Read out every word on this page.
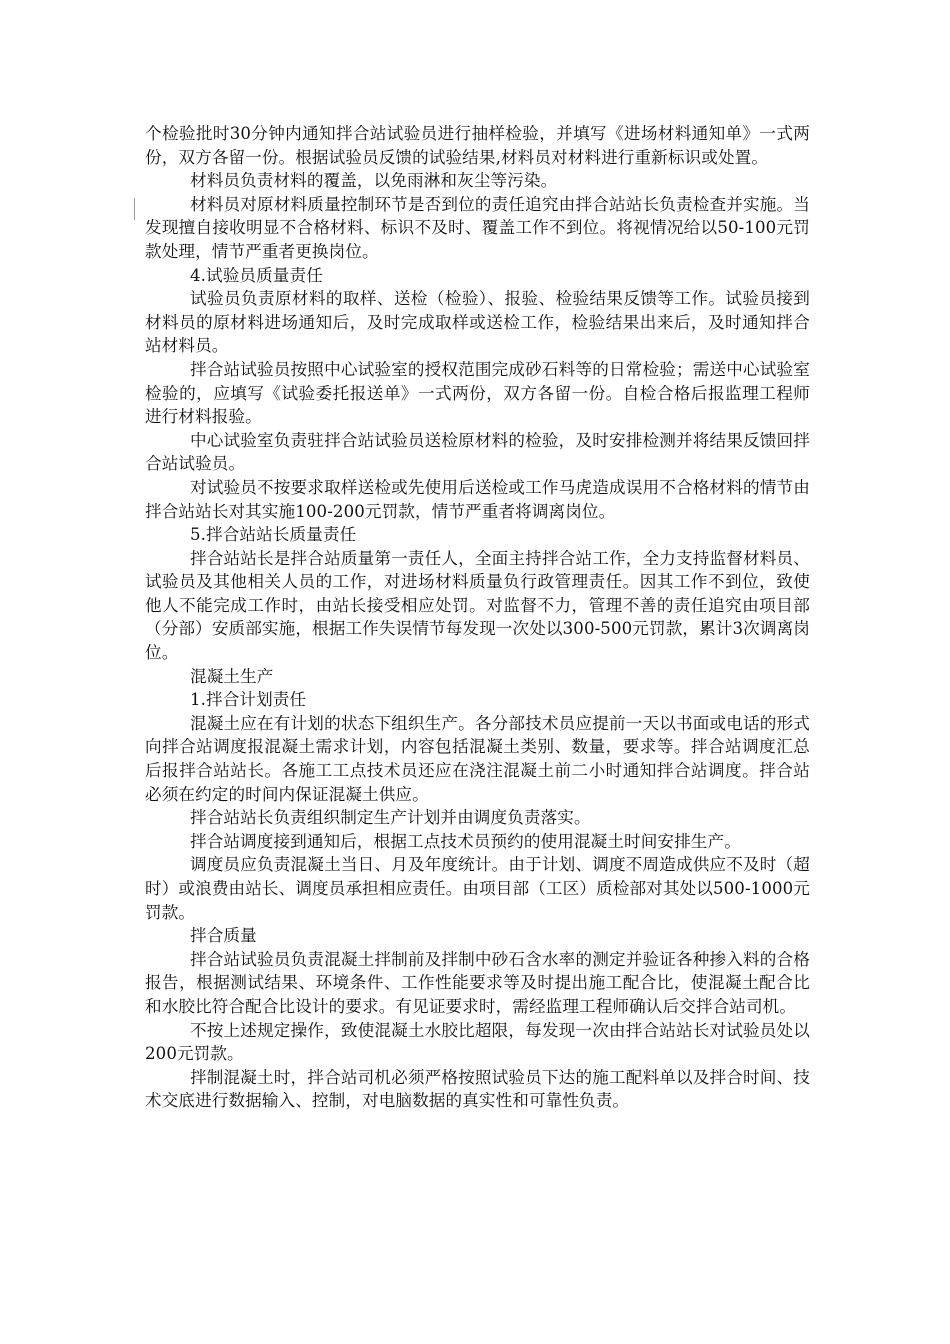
个检验批时30分钟内通知拌合站试验员进行抽样检验，并填写《进场材料通知单》一式两份，双方各留一份。根据试验员反馈的试验结果,材料员对材料进行重新标识或处置。

材料员负责材料的覆盖，以免雨淋和灰尘等污染。

材料员对原材料质量控制环节是否到位的责任追究由拌合站站长负责检查并实施。当发现擅自接收明显不合格材料、标识不及时、覆盖工作不到位。将视情况给以50-100元罚款处理，情节严重者更换岗位。

4.试验员质量责任

试验员负责原材料的取样、送检（检验）、报验、检验结果反馈等工作。试验员接到材料员的原材料进场通知后，及时完成取样或送检工作，检验结果出来后，及时通知拌合站材料员。

拌合站试验员按照中心试验室的授权范围完成砂石料等的日常检验；需送中心试验室检验的，应填写《试验委托报送单》一式两份，双方各留一份。自检合格后报监理工程师进行材料报验。

中心试验室负责驻拌合站试验员送检原材料的检验，及时安排检测并将结果反馈回拌合站试验员。

对试验员不按要求取样送检或先使用后送检或工作马虎造成误用不合格材料的情节由拌合站站长对其实施100-200元罚款，情节严重者将调离岗位。

5.拌合站站长质量责任

拌合站站长是拌合站质量第一责任人，全面主持拌合站工作，全力支持监督材料员、试验员及其他相关人员的工作，对进场材料质量负行政管理责任。因其工作不到位，致使他人不能完成工作时，由站长接受相应处罚。对监督不力，管理不善的责任追究由项目部（分部）安质部实施，根据工作失误情节每发现一次处以300-500元罚款，累计3次调离岗位。

混凝土生产

1.拌合计划责任

混凝土应在有计划的状态下组织生产。各分部技术员应提前一天以书面或电话的形式向拌合站调度报混凝土需求计划，内容包括混凝土类别、数量，要求等。拌合站调度汇总后报拌合站站长。各施工工点技术员还应在浇注混凝土前二小时通知拌合站调度。拌合站必须在约定的时间内保证混凝土供应。

拌合站站长负责组织制定生产计划并由调度负责落实。

拌合站调度接到通知后，根据工点技术员预约的使用混凝土时间安排生产。

调度员应负责混凝土当日、月及年度统计。由于计划、调度不周造成供应不及时（超时）或浪费由站长、调度员承担相应责任。由项目部（工区）质检部对其处以500-1000元罚款。

拌合质量

拌合站试验员负责混凝土拌制前及拌制中砂石含水率的测定并验证各种掺入料的合格报告，根据测试结果、环境条件、工作性能要求等及时提出施工配合比，使混凝土配合比和水胶比符合配合比设计的要求。有见证要求时，需经监理工程师确认后交拌合站司机。

不按上述规定操作，致使混凝土水胶比超限，每发现一次由拌合站站长对试验员处以200元罚款。

拌制混凝土时，拌合站司机必须严格按照试验员下达的施工配料单以及拌合时间、技术交底进行数据输入、控制，对电脑数据的真实性和可靠性负责。
